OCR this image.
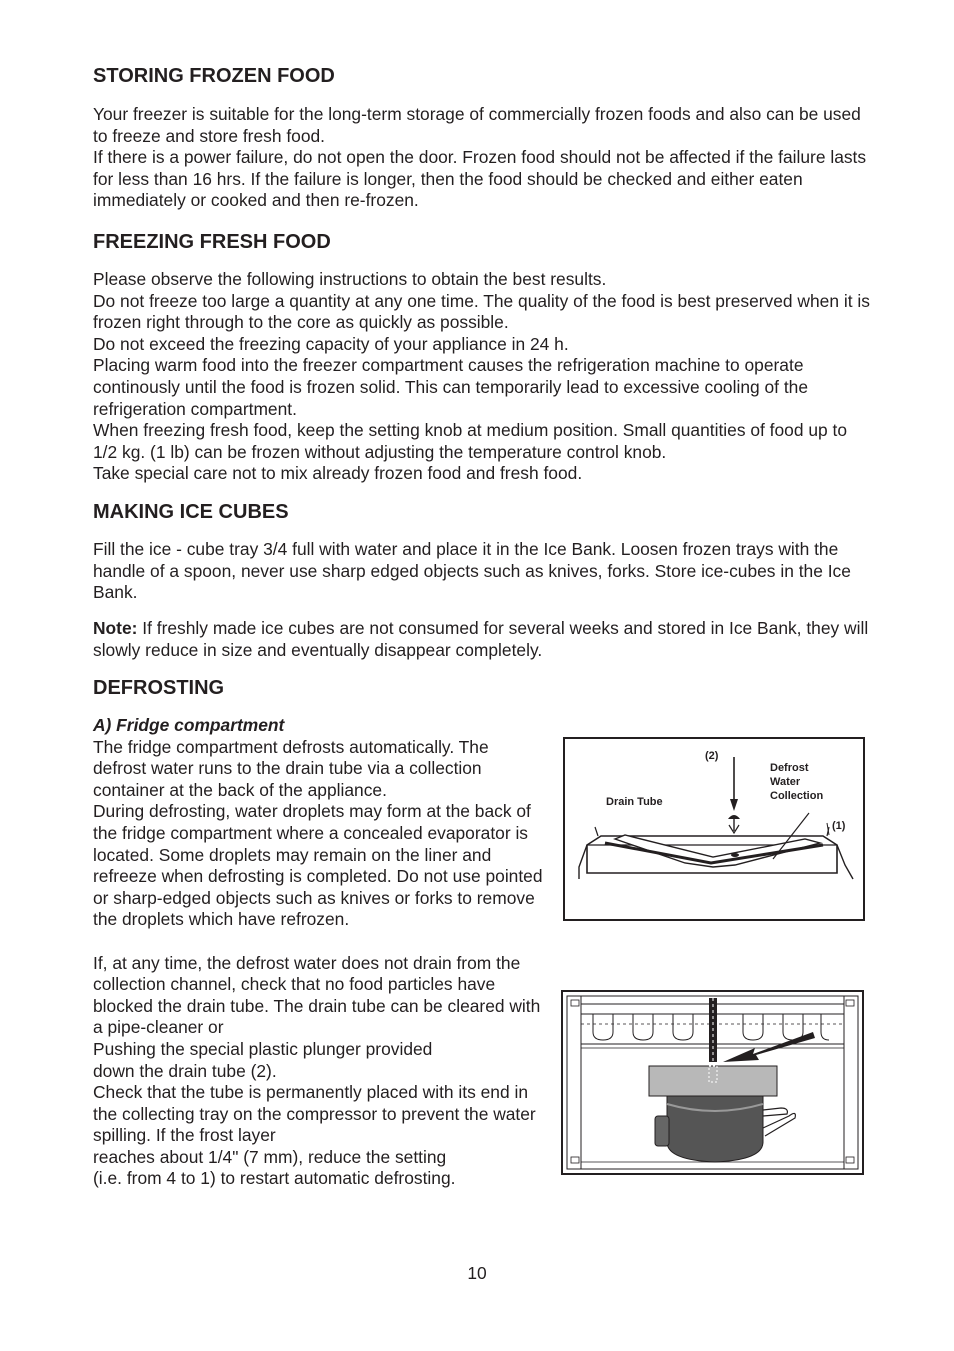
STORING FROZEN FOOD
Your freezer is suitable for the long-term storage of commercially frozen foods and also can be used to freeze and store fresh food.
If there is a power failure, do not open the door. Frozen food should not be affected if the failure lasts for less than 16 hrs. If the failure is longer, then the food should be checked and either eaten immediately or cooked and then re-frozen.
FREEZING FRESH FOOD
Please observe the following instructions to obtain the best results.
Do not freeze too large a quantity at any one time. The quality of the food is best preserved when it is frozen right through to the core as quickly as possible.
Do not exceed the freezing capacity of your appliance in 24 h.
Placing warm food into the freezer compartment causes the refrigeration machine to operate continously until the food is frozen solid. This can temporarily lead to excessive cooling of the refrigeration compartment.
When freezing fresh food, keep the setting knob at medium position. Small quantities of food up to 1/2 kg. (1 lb) can be frozen without adjusting the temperature control knob.
Take special care not to mix already frozen food and fresh food.
MAKING ICE CUBES
Fill the ice - cube tray 3/4 full with water and place it in the Ice Bank. Loosen frozen trays with the handle of a spoon, never use sharp edged objects such as knives, forks. Store ice-cubes in the Ice Bank.
Note: If freshly made ice cubes are not consumed for several weeks and stored in Ice Bank, they will slowly reduce in size and eventually disappear completely.
DEFROSTING
A) Fridge compartment
The fridge compartment defrosts automatically. The defrost water runs to the drain tube via a collection container at the back of the appliance.
During defrosting, water droplets may form at the back of the fridge compartment where a concealed evaporator is located. Some droplets may remain on the liner and refreeze when defrosting is completed. Do not use pointed or sharp-edged objects such as knives or forks to remove the droplets which have refrozen.
If, at any time, the defrost water does not drain from the collection channel, check that no food particles have blocked the drain tube. The drain tube can be cleared with a pipe-cleaner or
Pushing the special plastic plunger provided
down the drain tube (2).
Check that the tube is permanently placed with its end in the collecting tray on the compressor to prevent the water spilling. If the frost layer
reaches about 1/4" (7 mm), reduce the setting
(i.e. from 4 to 1) to restart automatic defrosting.
(2)
Drain Tube
Defrost
Water
Collection
(1)
10
